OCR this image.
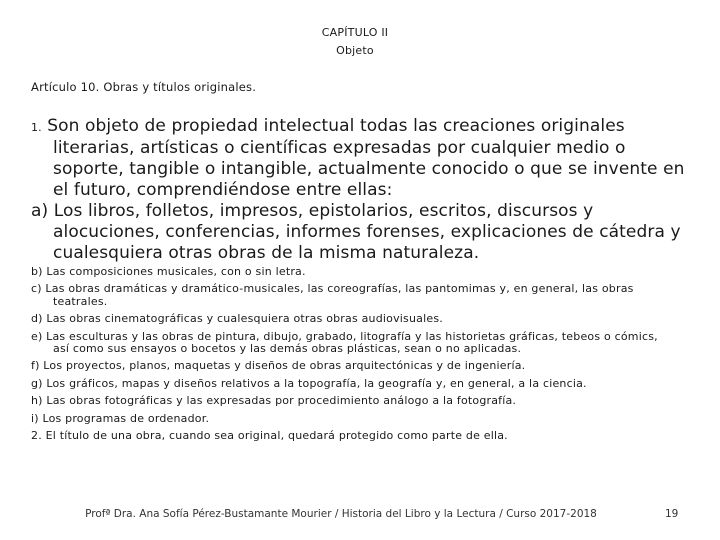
CAPÍTULO II
Objeto
Artículo 10. Obras y títulos originales.

1. Son objeto de propiedad intelectual todas las creaciones originales literarias, artísticas o científicas expresadas por cualquier medio o soporte, tangible o intangible, actualmente conocido o que se invente en el futuro, comprendiéndose entre ellas:

a) Los libros, folletos, impresos, epistolarios, escritos, discursos y alocuciones, conferencias, informes forenses, explicaciones de cátedra y cualesquiera otras obras de la misma naturaleza.

b) Las composiciones musicales, con o sin letra.

c) Las obras dramáticas y dramático-musicales, las coreografías, las pantomimas y, en general, las obras teatrales.

d) Las obras cinematográficas y cualesquiera otras obras audiovisuales.

e) Las esculturas y las obras de pintura, dibujo, grabado, litografía y las historietas gráficas, tebeos o cómics, así como sus ensayos o bocetos y las demás obras plásticas, sean o no aplicadas.

f) Los proyectos, planos, maquetas y diseños de obras arquitectónicas y de ingeniería.

g) Los gráficos, mapas y diseños relativos a la topografía, la geografía y, en general, a la ciencia.

h) Las obras fotográficas y las expresadas por procedimiento análogo a la fotografía.

i) Los programas de ordenador.

2. El título de una obra, cuando sea original, quedará protegido como parte de ella.

Profª Dra. Ana Sofía Pérez-Bustamante Mourier / Historia del Libro y la Lectura / Curso 2017-2018	19
